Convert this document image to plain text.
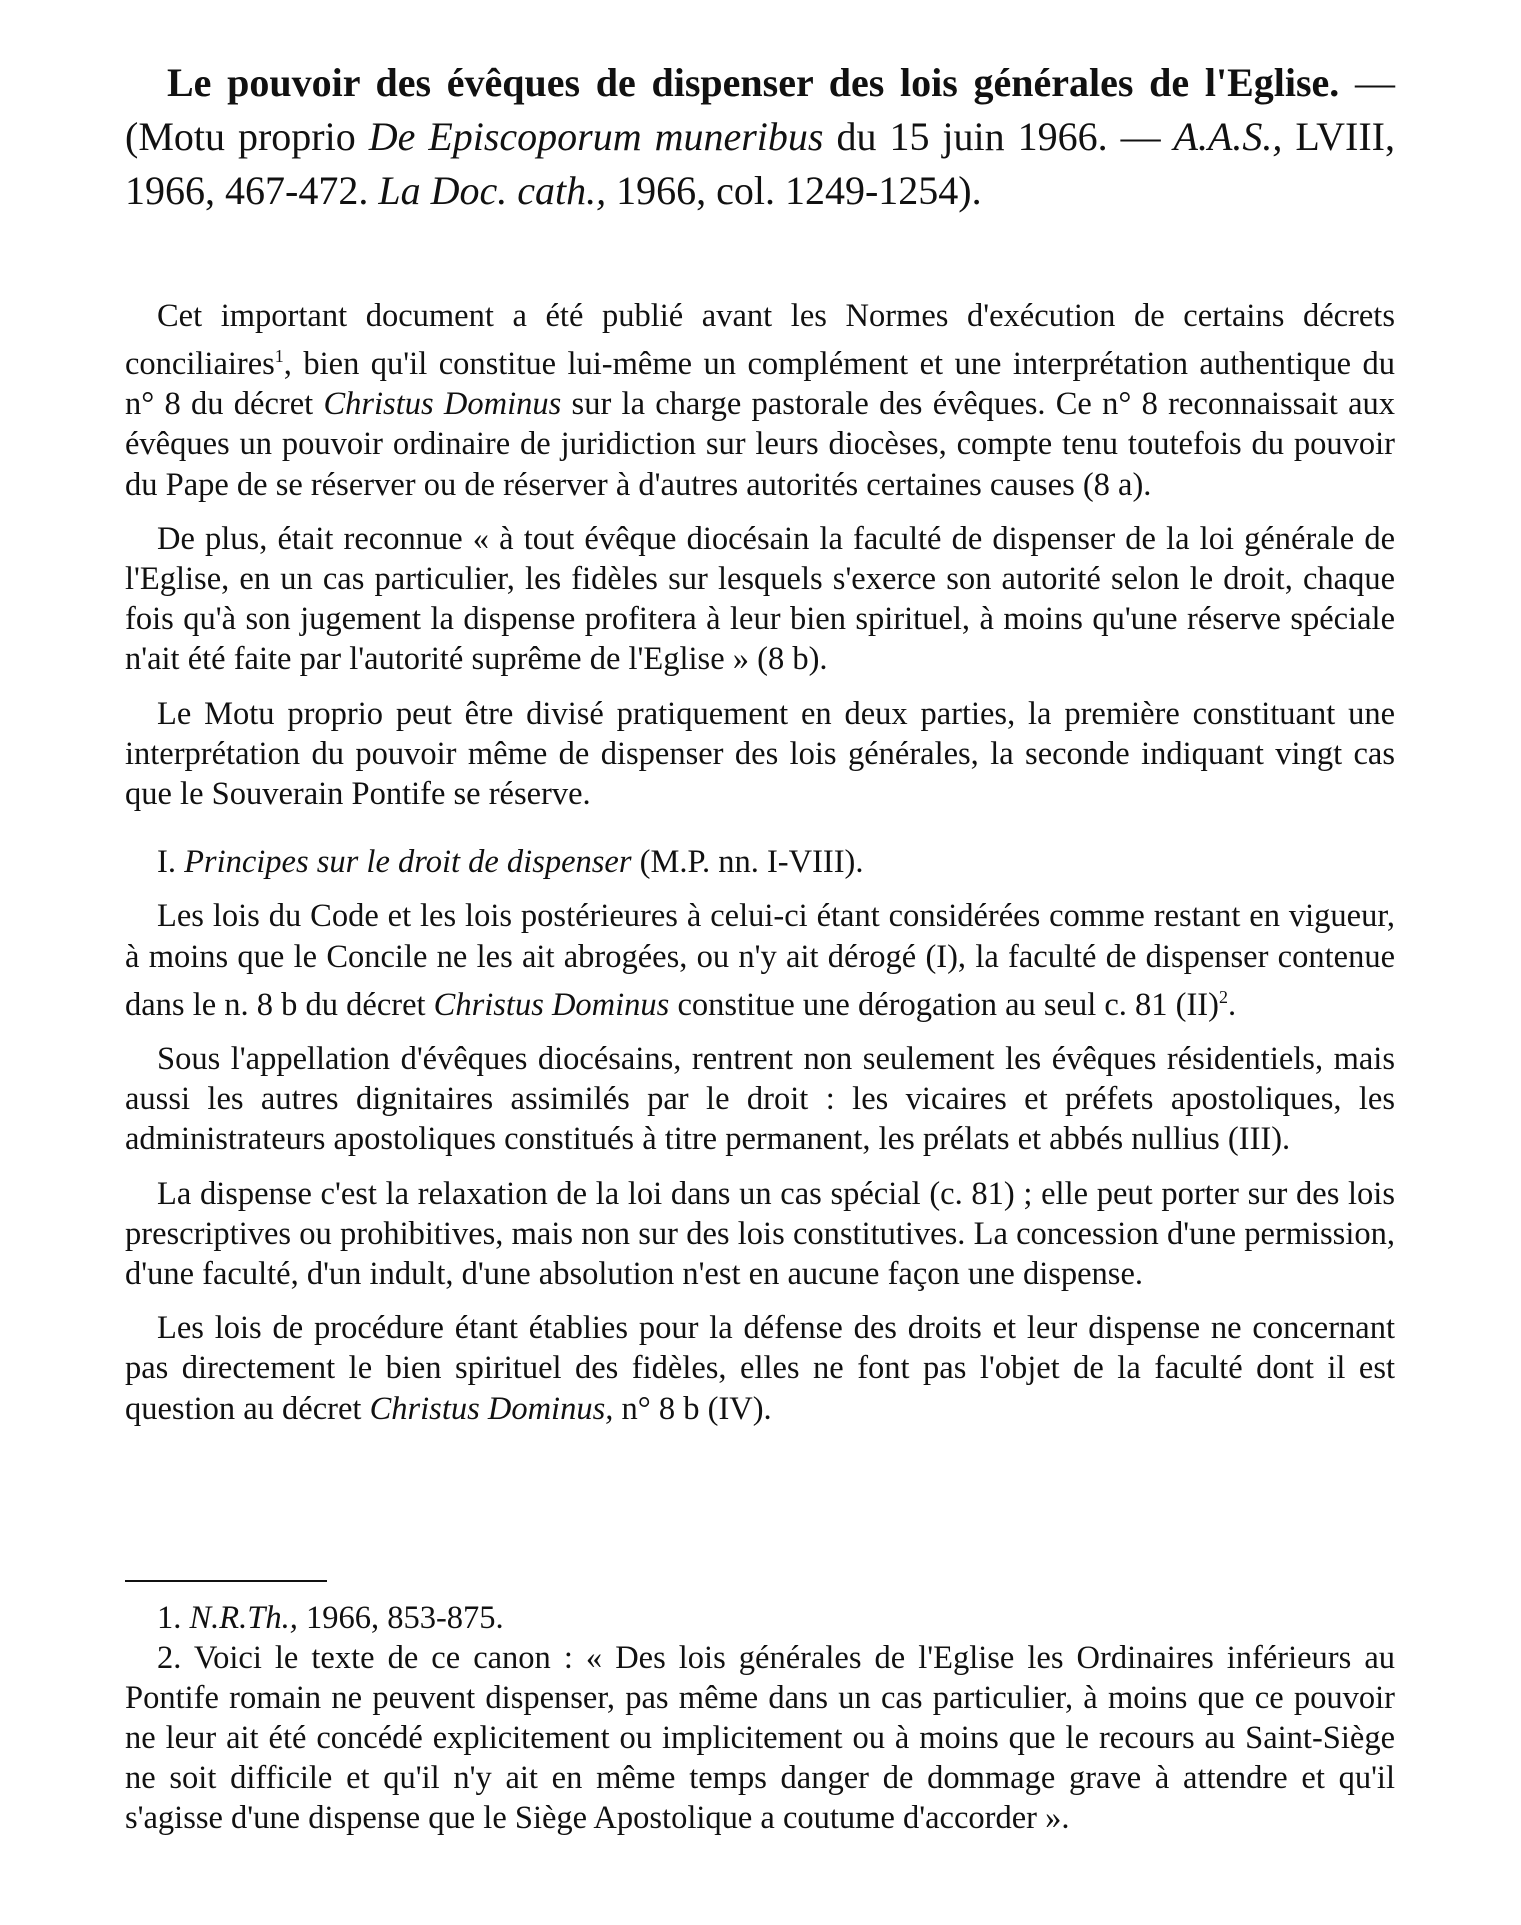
Le pouvoir des évêques de dispenser des lois générales de l'Eglise. — (Motu proprio De Episcoporum muneribus du 15 juin 1966. — A.A.S., LVIII, 1966, 467-472. La Doc. cath., 1966, col. 1249-1254).

Cet important document a été publié avant les Normes d'exécution de certains décrets conciliaires$^1$, bien qu'il constitue lui-même un complément et une interprétation authentique du n° 8 du décret Christus Dominus sur la charge pastorale des évêques. Ce n° 8 reconnaissait aux évêques un pouvoir ordinaire de juridiction sur leurs diocèses, compte tenu toutefois du pouvoir du Pape de se réserver ou de réserver à d'autres autorités certaines causes (8 a).

De plus, était reconnue « à tout évêque diocésain la faculté de dispenser de la loi générale de l'Eglise, en un cas particulier, les fidèles sur lesquels s'exerce son autorité selon le droit, chaque fois qu'à son jugement la dispense profitera à leur bien spirituel, à moins qu'une réserve spéciale n'ait été faite par l'autorité suprême de l'Eglise » (8 b).

Le Motu proprio peut être divisé pratiquement en deux parties, la première constituant une interprétation du pouvoir même de dispenser des lois générales, la seconde indiquant vingt cas que le Souverain Pontife se réserve.

I. Principes sur le droit de dispenser (M.P. nn. I-VIII).

Les lois du Code et les lois postérieures à celui-ci étant considérées comme restant en vigueur, à moins que le Concile ne les ait abrogées, ou n'y ait dérogé (I), la faculté de dispenser contenue dans le n. 8 b du décret Christus Dominus constitue une dérogation au seul c. 81 (II)$^2$.

Sous l'appellation d'évêques diocésains, rentrent non seulement les évêques résidentiels, mais aussi les autres dignitaires assimilés par le droit : les vicaires et préfets apostoliques, les administrateurs apostoliques constitués à titre permanent, les prélats et abbés nullius (III).

La dispense c'est la relaxation de la loi dans un cas spécial (c. 81) ; elle peut porter sur des lois prescriptives ou prohibitives, mais non sur des lois constitutives. La concession d'une permission, d'une faculté, d'un indult, d'une absolution n'est en aucune façon une dispense.

Les lois de procédure étant établies pour la défense des droits et leur dispense ne concernant pas directement le bien spirituel des fidèles, elles ne font pas l'objet de la faculté dont il est question au décret Christus Dominus, n° 8 b (IV).

1. N.R.Th., 1966, 853-875.

2. Voici le texte de ce canon : « Des lois générales de l'Eglise les Ordinaires inférieurs au Pontife romain ne peuvent dispenser, pas même dans un cas particulier, à moins que ce pouvoir ne leur ait été concédé explicitement ou implicitement ou à moins que le recours au Saint-Siège ne soit difficile et qu'il n'y ait en même temps danger de dommage grave à attendre et qu'il s'agisse d'une dispense que le Siège Apostolique a coutume d'accorder ».
